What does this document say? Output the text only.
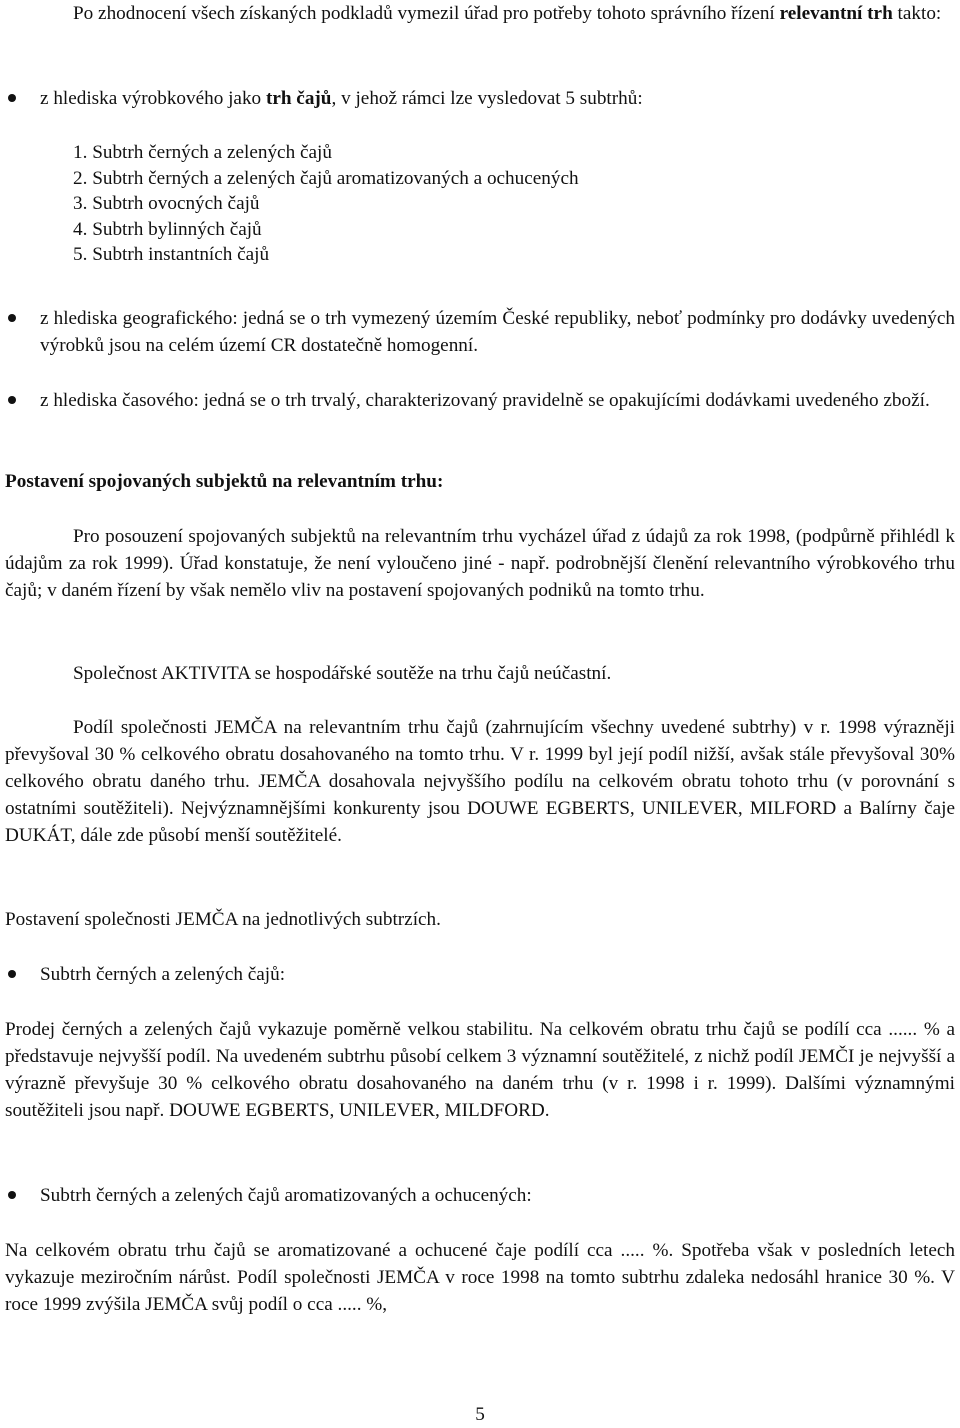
Po zhodnocení všech získaných podkladů vymezil úřad pro potřeby tohoto správního řízení relevantní trh takto:

z hlediska výrobkového jako trh čajů, v jehož rámci lze vysledovat 5 subtrhů:

1. Subtrh černých a zelených čajů
2. Subtrh černých a zelených čajů aromatizovaných a ochucených
3. Subtrh ovocných čajů
4. Subtrh bylinných čajů
5. Subtrh instantních čajů

z hlediska geografického: jedná se o trh vymezený územím České republiky, neboť podmínky pro dodávky uvedených výrobků jsou na celém území CR dostatečně homogenní.

z hlediska časového: jedná se o trh trvalý, charakterizovaný pravidelně se opakujícími dodávkami uvedeného zboží.

Postavení spojovaných subjektů na relevantním trhu:

Pro posouzení spojovaných subjektů na relevantním trhu vycházel úřad z údajů za rok 1998, (podpůrně přihlédl k údajům za rok 1999). Úřad konstatuje, že není vyloučeno jiné - např. podrobnější členění relevantního výrobkového trhu čajů; v daném řízení by však nemělo vliv na postavení spojovaných podniků na tomto trhu.

Společnost AKTIVITA se hospodářské soutěže na trhu čajů neúčastní.

Podíl společnosti JEMČA na relevantním trhu čajů (zahrnujícím všechny uvedené subtrhy) v r. 1998 výrazněji převyšoval 30 % celkového obratu dosahovaného na tomto trhu. V r. 1999 byl její podíl nižší, avšak stále převyšoval 30% celkového obratu daného trhu. JEMČA dosahovala nejvyššího podílu na celkovém obratu tohoto trhu (v porovnání s ostatními soutěžiteli). Nejvýznamnějšími konkurenty jsou DOUWE EGBERTS, UNILEVER, MILFORD a Balírny čaje DUKÁT, dále zde působí menší soutěžitelé.

Postavení společnosti JEMČA na jednotlivých subtrzích.

Subtrh černých a zelených čajů:

Prodej černých a zelených čajů vykazuje poměrně velkou stabilitu. Na celkovém obratu trhu čajů se podílí cca ...... % a představuje nejvyšší podíl. Na uvedeném subtrhu působí celkem 3 významní soutěžitelé, z nichž podíl JEMČI je nejvyšší a výrazně převyšuje 30 % celkového obratu dosahovaného na daném trhu (v r. 1998 i r. 1999). Dalšími významnými soutěžiteli jsou např. DOUWE EGBERTS, UNILEVER, MILDFORD.

Subtrh černých a zelených čajů aromatizovaných a ochucených:

Na celkovém obratu trhu čajů se aromatizované a ochucené čaje podílí cca ..... %. Spotřeba však v posledních letech vykazuje meziročním nárůst. Podíl společnosti JEMČA v roce 1998 na tomto subtrhu zdaleka nedosáhl hranice 30 %. V roce 1999 zvýšila JEMČA svůj podíl o cca ..... %,

5
